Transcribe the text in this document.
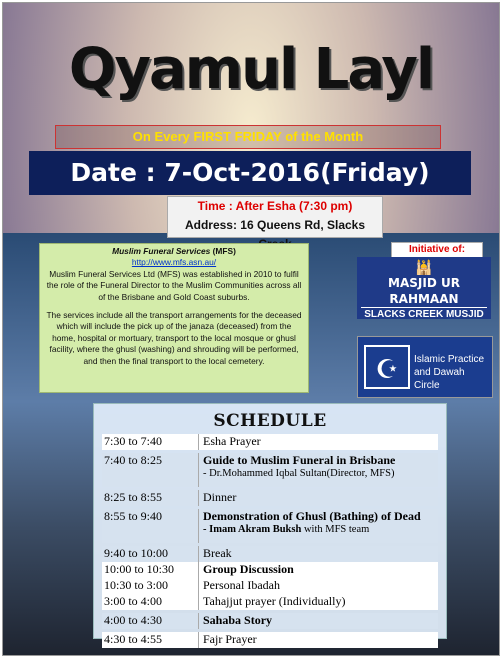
Qyamul Layl
On Every FIRST FRIDAY of the Month
Date : 7-Oct-2016(Friday)
Time : After Esha (7:30 pm)
Address: 16 Queens Rd, Slacks
Muslim Funeral Services (MFS)
http://www.mfs.asn.au/

Muslim Funeral Services Ltd (MFS) was established in 2010 to fulfil the role of the Funeral Director to the Muslim Communities across all of the Brisbane and Gold Coast suburbs.

The services include all the transport arrangements for the deceased which will include the pick up of the janaza (deceased) from the home, hospital or mortuary, transport to the local mosque or ghusl facility, where the ghusl (washing) and shrouding will be performed, and then the final transport to the local cemetery.

Initiative of:
🕌
MASJID UR RAHMAAN
SLACKS CREEK MUSJID
☪	Islamic Practice and Dawah Circle
SCHEDULE
7:30 to 7:40	Esha Prayer
7:40 to 8:25	Guide to Muslim Funeral in Brisbane
- Dr.Mohammed Iqbal Sultan(Director, MFS)
8:25 to 8:55	Dinner
8:55 to 9:40	Demonstration of Ghusl (Bathing) of Dead
- Imam Akram Buksh with MFS team
9:40 to 10:00	Break
10:00 to 10:30	Group Discussion
10:30 to 3:00	Personal Ibadah
3:00 to 4:00	Tahajjut prayer (Individually)
4:00 to 4:30	Sahaba Story
4:30 to 4:55	Fajr Prayer
